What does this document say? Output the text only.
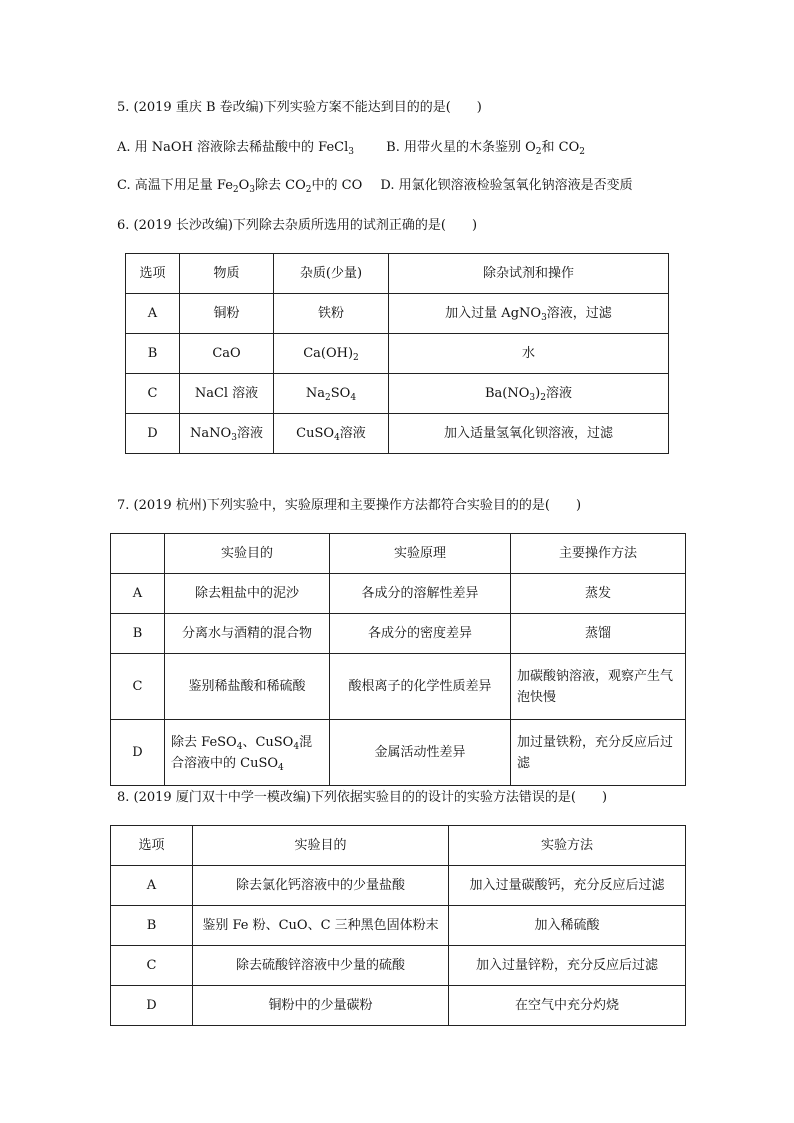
5. (2019 重庆 B 卷改编)下列实验方案不能达到目的的是(　　)
A. 用 NaOH 溶液除去稀盐酸中的 FeCl$_3$ B. 用带火星的木条鉴别 $O_2$和 $CO_2$
C. 高温下用足量 $Fe_2O_3$除去 $CO_2$中的 CO D. 用氯化钡溶液检验氢氧化钠溶液是否变质
6. (2019 长沙改编)下列除去杂质所选用的试剂正确的是(　　)
选项	物质	杂质(少量)	除杂试剂和操作
A	铜粉	铁粉	加入过量 AgNO$_3$溶液，过滤
B	CaO	$Ca(OH)_2$	水
C	NaCl 溶液	$Na_2SO_4$	$Ba(NO_3)_2$溶液
D	NaNO$_3$溶液	CuSO$_4$溶液	加入适量氢氧化钡溶液，过滤
7. (2019 杭州)下列实验中，实验原理和主要操作方法都符合实验目的的是(　　)
	实验目的	实验原理	主要操作方法
A	除去粗盐中的泥沙	各成分的溶解性差异	蒸发
B	分离水与酒精的混合物	各成分的密度差异	蒸馏
C	鉴别稀盐酸和稀硫酸	酸根离子的化学性质差异	加碳酸钠溶液，观察产生气泡快慢
D	除去 FeSO$_4$、CuSO$_4$混合溶液中的 CuSO$_4$	金属活动性差异	加过量铁粉，充分反应后过滤
8. (2019 厦门双十中学一模改编)下列依据实验目的的设计的实验方法错误的是(　　)
选项	实验目的	实验方法
A	除去氯化钙溶液中的少量盐酸	加入过量碳酸钙，充分反应后过滤
B	鉴别 Fe 粉、CuO、C 三种黑色固体粉末	加入稀硫酸
C	除去硫酸锌溶液中少量的硫酸	加入过量锌粉，充分反应后过滤
D	铜粉中的少量碳粉	在空气中充分灼烧
